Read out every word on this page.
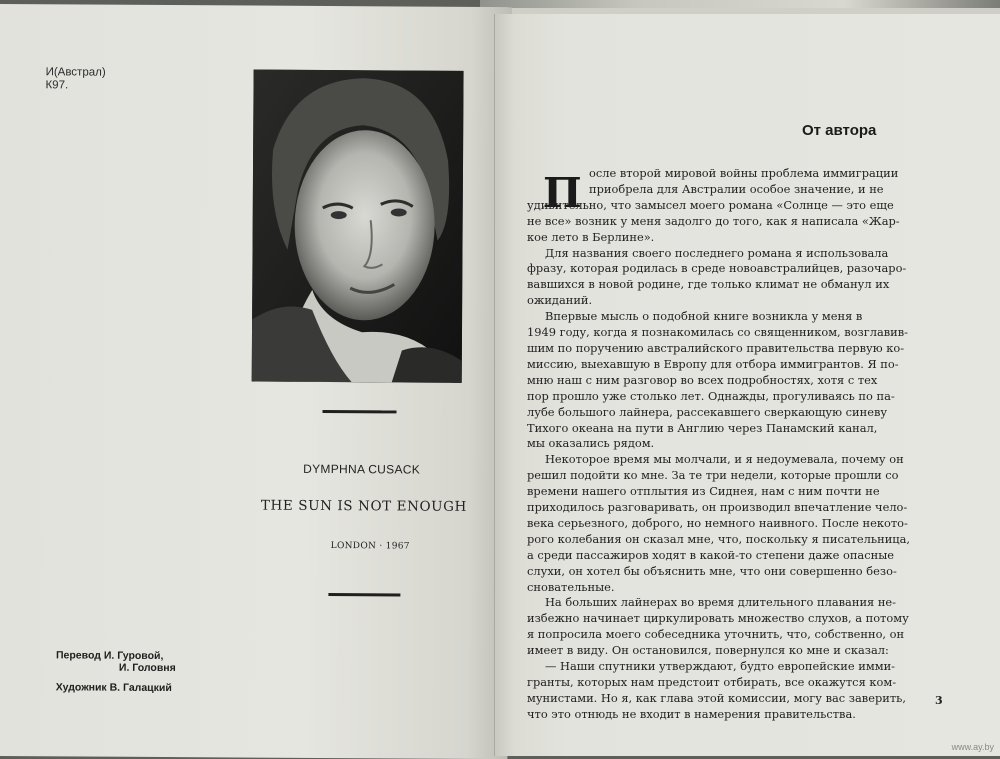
И(Австрал)
К97.
DYMPHNA CUSACK
THE SUN IS NOT ENOUGH
LONDON · 1967
Перевод И. Гуровой,
И. Головня
Художник В. Галацкий
От автора
П осле второй мировой войны проблема иммиграции
приобрела для Австралии особое значение, и не
удивительно, что замысел моего романа «Солнце — это еще
не все» возник у меня задолго до того, как я написала «Жар-
кое лето в Берлине».
Для названия своего последнего романа я использовала
фразу, которая родилась в среде новоавстралийцев, разочаро-
вавшихся в новой родине, где только климат не обманул их
ожиданий.
Впервые мысль о подобной книге возникла у меня в
1949 году, когда я познакомилась со священником, возглавив-
шим по поручению австралийского правительства первую ко-
миссию, выехавшую в Европу для отбора иммигрантов. Я по-
мню наш с ним разговор во всех подробностях, хотя с тех
пор прошло уже столько лет. Однажды, прогуливаясь по па-
лубе большого лайнера, рассекавшего сверкающую синеву
Тихого океана на пути в Англию через Панамский канал,
мы оказались рядом.
Некоторое время мы молчали, и я недоумевала, почему он
решил подойти ко мне. За те три недели, которые прошли со
времени нашего отплытия из Сиднея, нам с ним почти не
приходилось разговаривать, он производил впечатление чело-
века серьезного, доброго, но немного наивного. После некото-
рого колебания он сказал мне, что, поскольку я писательница,
а среди пассажиров ходят в какой-то степени даже опасные
слухи, он хотел бы объяснить мне, что они совершенно безо-
сновательные.
На больших лайнерах во время длительного плавания не-
избежно начинает циркулировать множество слухов, а потому
я попросила моего собеседника уточнить, что, собственно, он
имеет в виду. Он остановился, повернулся ко мне и сказал:
— Наши спутники утверждают, будто европейские имми-
гранты, которых нам предстоит отбирать, все окажутся ком-
мунистами. Но я, как глава этой комиссии, могу вас заверить,
что это отнюдь не входит в намерения правительства.
3
www.ay.by
